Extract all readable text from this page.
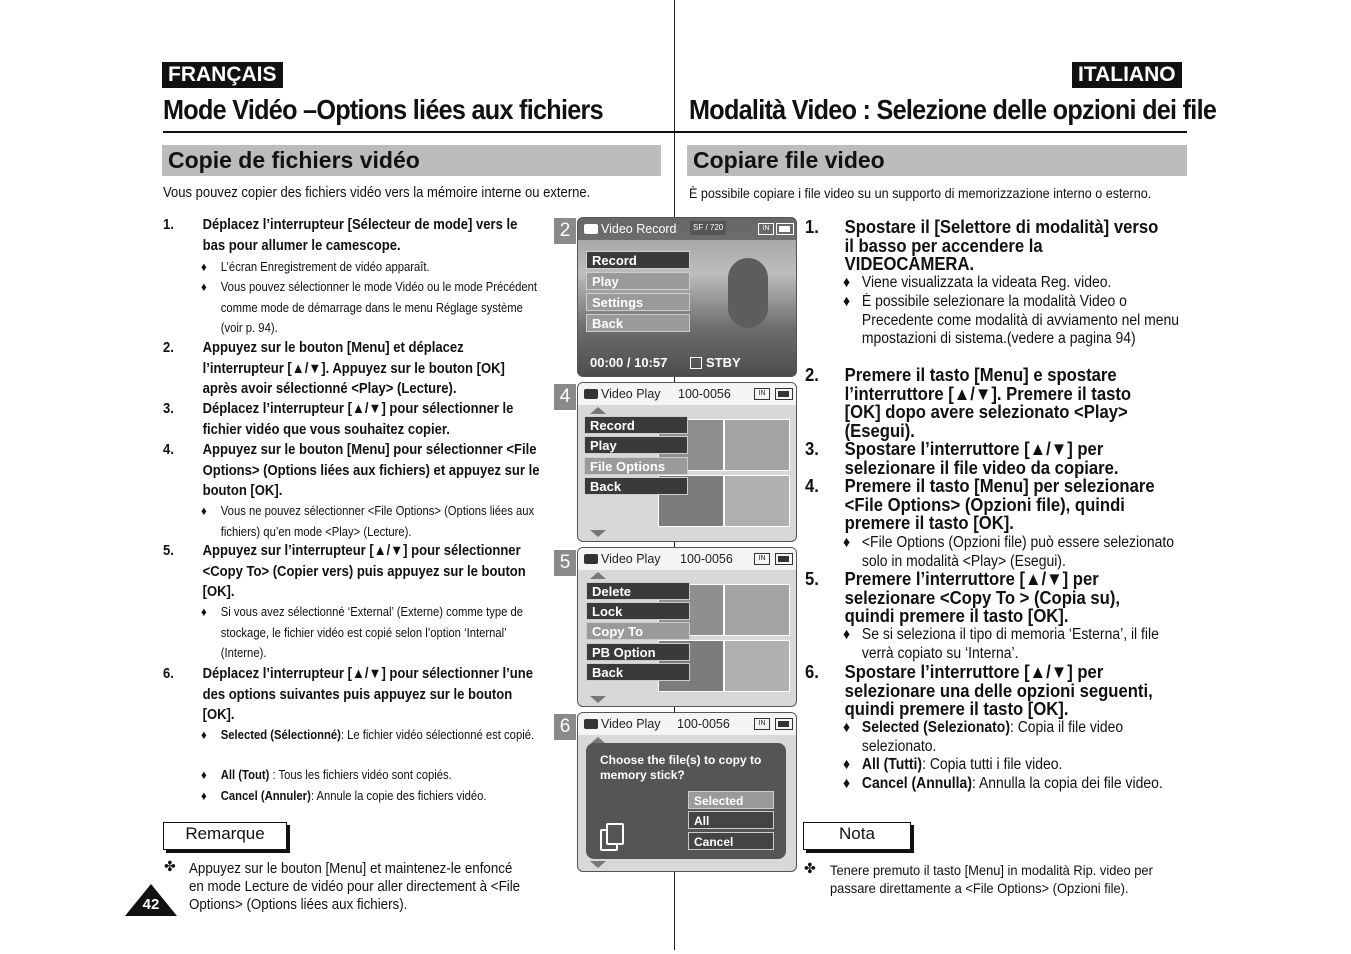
FRANÇAIS	ITALIANO
Mode Vidéo –Options liées aux fichiers	Modalità Video : Selezione delle opzioni dei file
Copie de fichiers vidéo	Copiare file video
Vous pouvez copier des fichiers vidéo vers la mémoire interne ou externe.	È possibile copiare i file video su un supporto di memorizzazione interno o esterno.
1. Déplacez l’interrupteur [Sélecteur de mode] vers le bas pour allumer le camescope.
♦ L’écran Enregistrement de vidéo apparaît.
♦ Vous pouvez sélectionner le mode Vidéo ou le mode Précédent comme mode de démarrage dans le menu Réglage système (voir p. 94).
2. Appuyez sur le bouton [Menu] et déplacez l’interrupteur [▲/▼]. Appuyez sur le bouton [OK] après avoir sélectionné <Play> (Lecture).
3. Déplacez l’interrupteur [▲/▼] pour sélectionner le fichier vidéo que vous souhaitez copier.
4. Appuyez sur le bouton [Menu] pour sélectionner <File Options> (Options liées aux fichiers) et appuyez sur le bouton [OK].
♦ Vous ne pouvez sélectionner <File Options> (Options liées aux fichiers) qu’en mode <Play> (Lecture).
5. Appuyez sur l’interrupteur [▲/▼] pour sélectionner <Copy To> (Copier vers) puis appuyez sur le bouton [OK].
♦ Si vous avez sélectionné ‘External’ (Externe) comme type de stockage, le fichier vidéo est copié selon l’option ‘Internal’ (Interne).
6. Déplacez l’interrupteur [▲/▼] pour sélectionner l’une des options suivantes puis appuyez sur le bouton [OK].
♦ Selected (Sélectionné): Le fichier vidéo sélectionné est copié.
♦ All (Tout) : Tous les fichiers vidéo sont copiés.
♦ Cancel (Annuler): Annule la copie des fichiers vidéo.
Remarque
✤ Appuyez sur le bouton [Menu] et maintenez-le enfoncé en mode Lecture de vidéo pour aller directement à <File Options> (Options liées aux fichiers).
42
2	Video Record	SF / 720	IN
Record
Play
Settings
Back
00:00 / 10:57	STBY
4	Video Play 100-0056	IN
Record
Play
File Options
Back
5	Video Play 100-0056	IN
Delete
Lock
Copy To
PB Option
Back
6	Video Play 100-0056	IN
Choose the file(s) to copy to memory stick?
Selected
All
Cancel
1. Spostare il [Selettore di modalità] verso il basso per accendere la VIDEOCAMERA.
♦ Viene visualizzata la videata Reg. video.
♦ È possibile selezionare la modalità Video o Precedente come modalità di avviamento nel menu mpostazioni di sistema.(vedere a pagina 94)
2. Premere il tasto [Menu] e spostare l’interruttore [▲/▼]. Premere il tasto [OK] dopo avere selezionato <Play> (Esegui).
3. Spostare l’interruttore [▲/▼] per selezionare il file video da copiare.
4. Premere il tasto [Menu] per selezionare <File Options> (Opzioni file), quindi premere il tasto [OK].
♦ <File Options (Opzioni file) può essere selezionato solo in modalità <Play> (Esegui).
5. Premere l’interruttore [▲/▼] per selezionare <Copy To > (Copia su), quindi premere il tasto [OK].
♦ Se si seleziona il tipo di memoria ‘Esterna’, il file verrà copiato su ‘Interna’.
6. Spostare l’interruttore [▲/▼] per selezionare una delle opzioni seguenti, quindi premere il tasto [OK].
♦ Selected (Selezionato): Copia il file video selezionato.
♦ All (Tutti): Copia tutti i file video.
♦ Cancel (Annulla): Annulla la copia dei file video.
Nota
✤ Tenere premuto il tasto [Menu] in modalità Rip. video per passare direttamente a <File Options> (Opzioni file).
